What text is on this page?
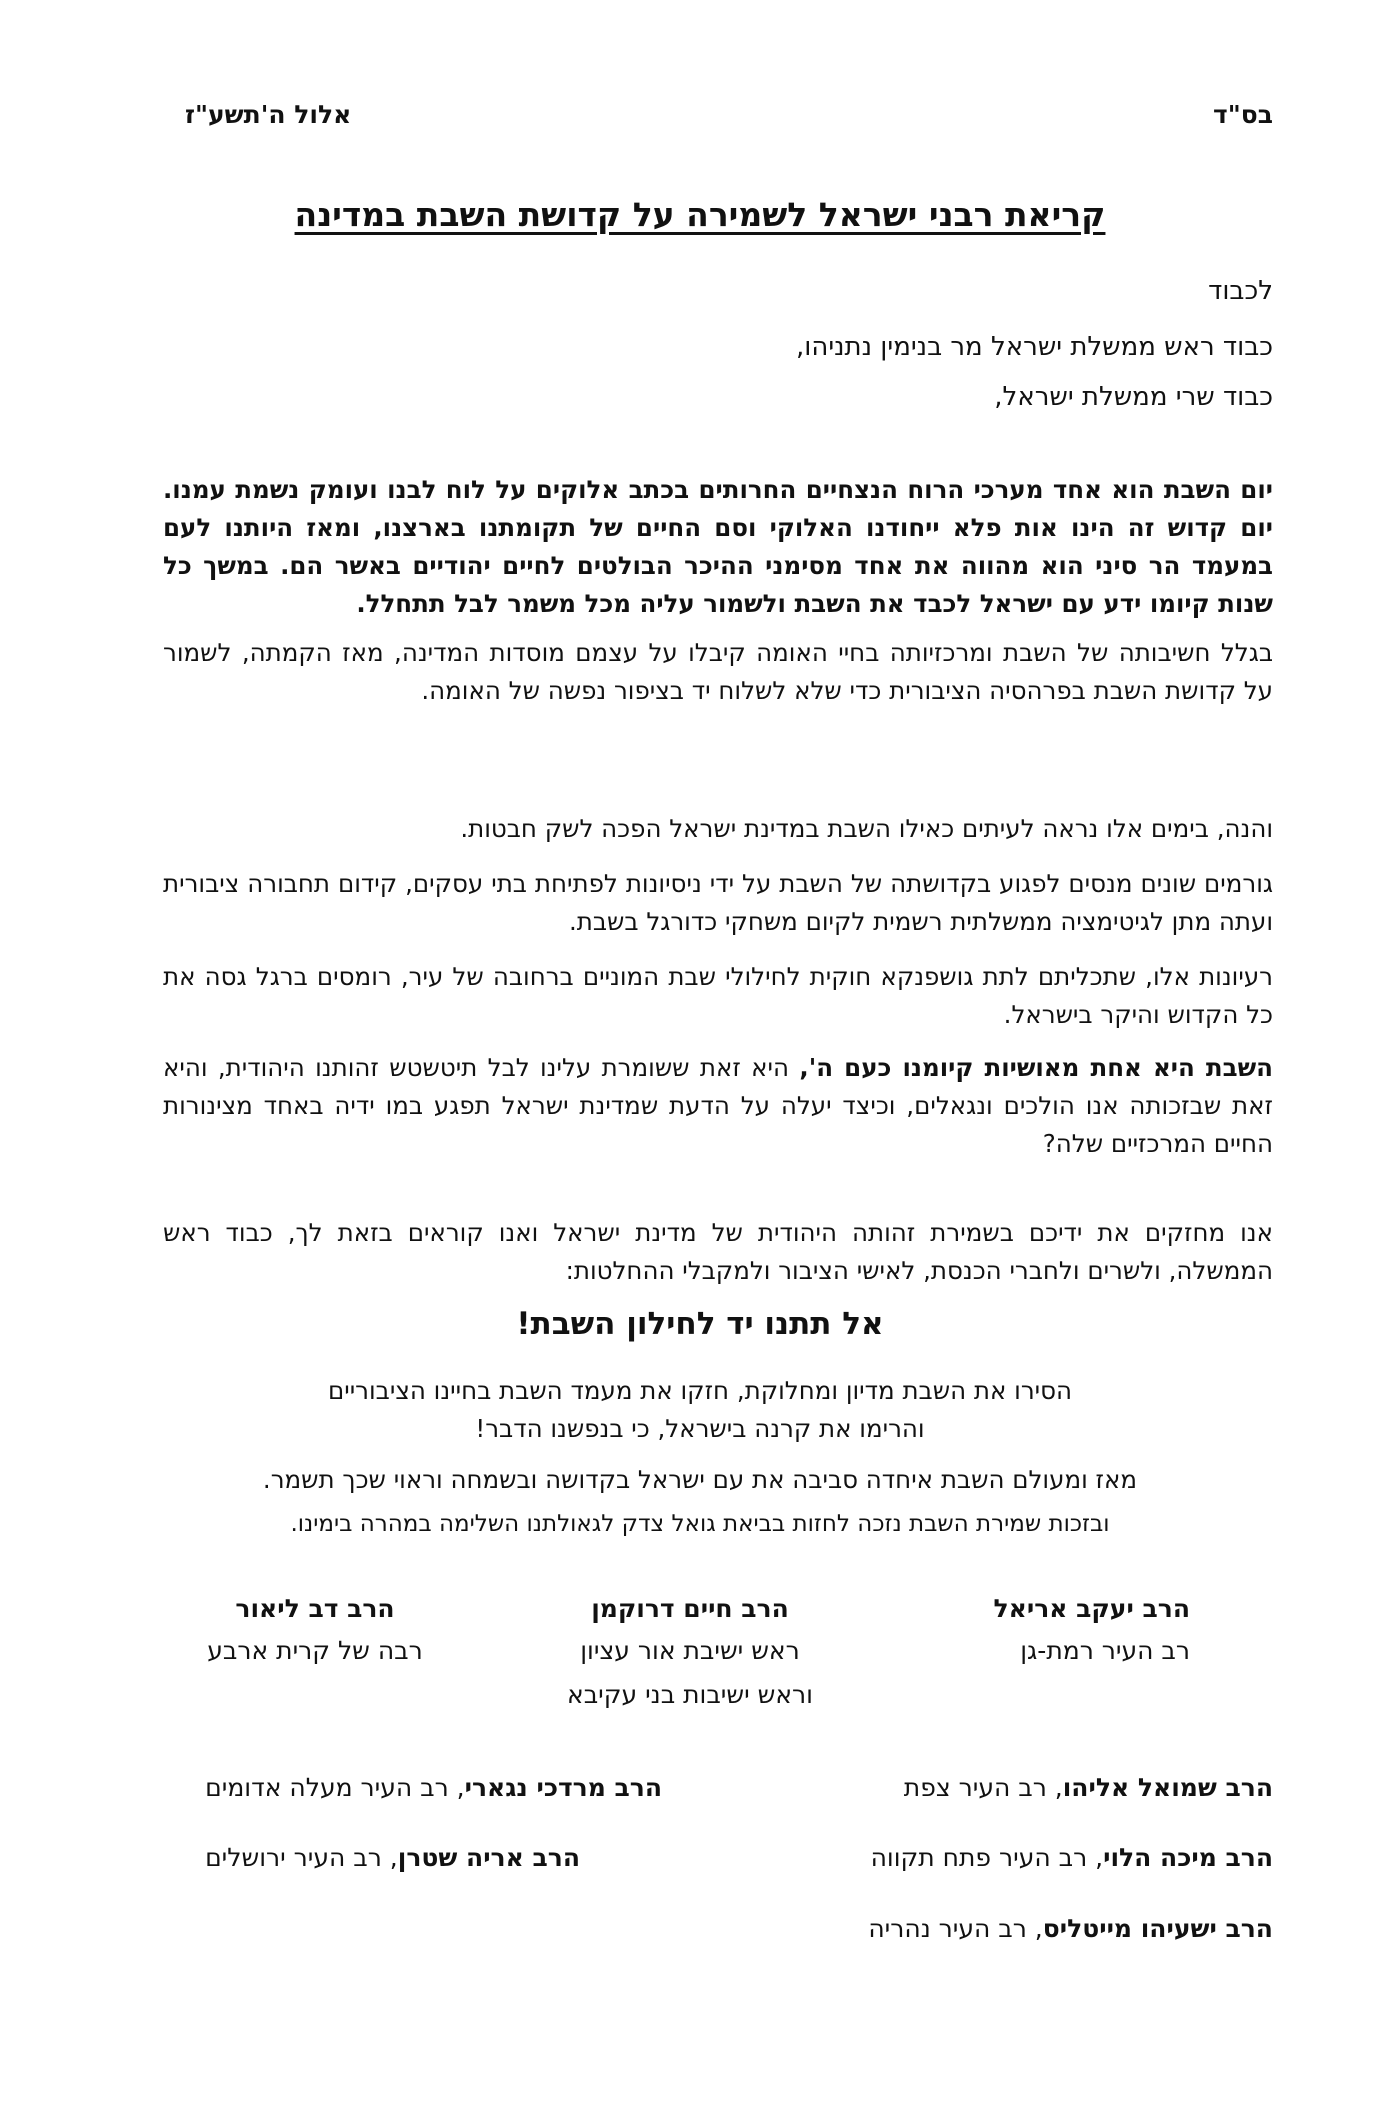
בס"ד
אלול ה'תשע"ז
קריאת רבני ישראל לשמירה על קדושת השבת במדינה
לכבוד
כבוד ראש ממשלת ישראל מר בנימין נתניהו,
כבוד שרי ממשלת ישראל,
יום השבת הוא אחד מערכי הרוח הנצחיים החרותים בכתב אלוקים על לוח לבנו ועומק נשמת עמנו. יום קדוש זה הינו אות פלא ייחודנו האלוקי וסם החיים של תקומתנו בארצנו, ומאז היותנו לעם במעמד הר סיני הוא מהווה את אחד מסימני ההיכר הבולטים לחיים יהודיים באשר הם. במשך כל שנות קיומו ידע עם ישראל לכבד את השבת ולשמור עליה מכל משמר לבל תתחלל.
בגלל חשיבותה של השבת ומרכזיותה בחיי האומה קיבלו על עצמם מוסדות המדינה, מאז הקמתה, לשמור על קדושת השבת בפרהסיה הציבורית כדי שלא לשלוח יד בציפור נפשה של האומה.
והנה, בימים אלו נראה לעיתים כאילו השבת במדינת ישראל הפכה לשק חבטות.
גורמים שונים מנסים לפגוע בקדושתה של השבת על ידי ניסיונות לפתיחת בתי עסקים, קידום תחבורה ציבורית ועתה מתן לגיטימציה ממשלתית רשמית לקיום משחקי כדורגל בשבת.
רעיונות אלו, שתכליתם לתת גושפנקא חוקית לחילולי שבת המוניים ברחובה של עיר, רומסים ברגל גסה את כל הקדוש והיקר בישראל.
השבת היא אחת מאושיות קיומנו כעם ה', היא זאת ששומרת עלינו לבל תיטשטש זהותנו היהודית, והיא זאת שבזכותה אנו הולכים ונגאלים, וכיצד יעלה על הדעת שמדינת ישראל תפגע במו ידיה באחד מצינורות החיים המרכזיים שלה?
אנו מחזקים את ידיכם בשמירת זהותה היהודית של מדינת ישראל ואנו קוראים בזאת לך, כבוד ראש הממשלה, ולשרים ולחברי הכנסת, לאישי הציבור ולמקבלי ההחלטות:
אל תתנו יד לחילון השבת!
הסירו את השבת מדיון ומחלוקת, חזקו את מעמד השבת בחיינו הציבוריים
והרימו את קרנה בישראל, כי בנפשנו הדבר!
מאז ומעולם השבת איחדה סביבה את עם ישראל בקדושה ובשמחה וראוי שכך תשמר.
ובזכות שמירת השבת נזכה לחזות בביאת גואל צדק לגאולתנו השלימה במהרה בימינו.
הרב יעקב אריאל
רב העיר רמת-גן
הרב חיים דרוקמן
ראש ישיבת אור עציון
וראש ישיבות בני עקיבא
הרב דב ליאור
רבה של קרית ארבע
הרב שמואל אליהו, רב העיר צפת
הרב מרדכי נגארי, רב העיר מעלה אדומים
הרב מיכה הלוי, רב העיר פתח תקווה
הרב אריה שטרן, רב העיר ירושלים
הרב ישעיהו מייטליס, רב העיר נהריה
